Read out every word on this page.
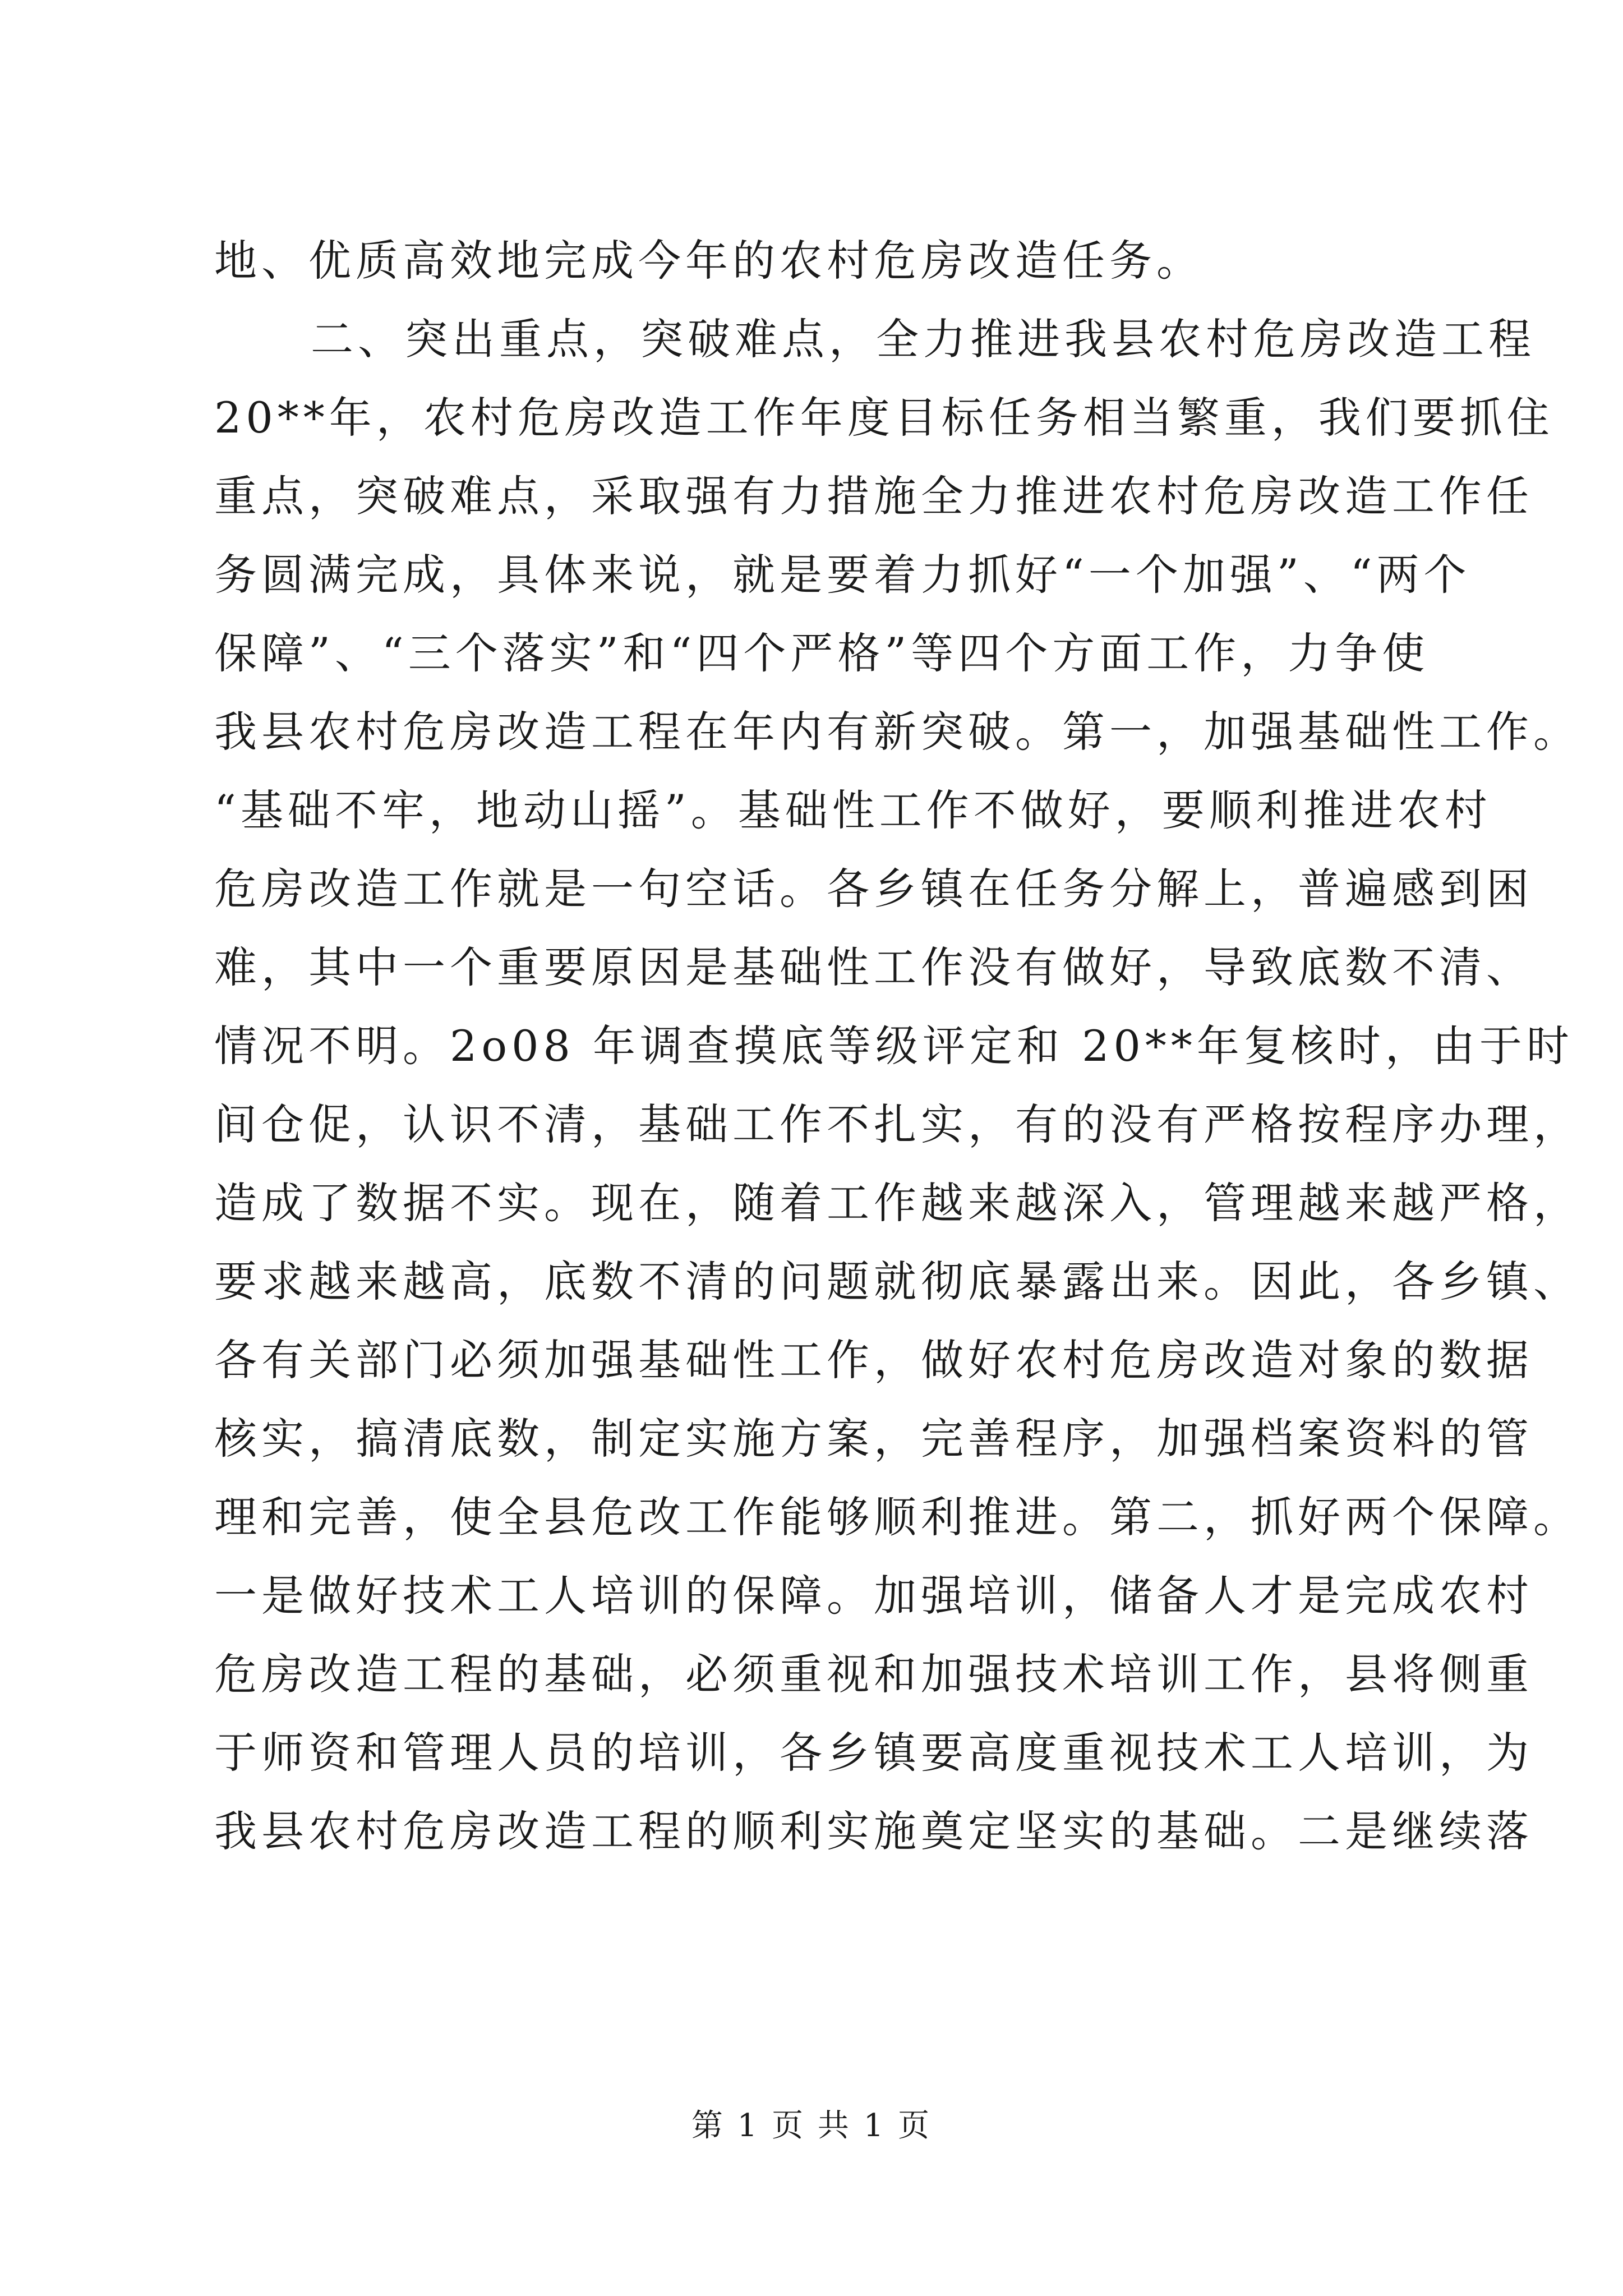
地、优质高效地完成今年的农村危房改造任务。
二、突出重点，突破难点，全力推进我县农村危房改造工程
20**年，农村危房改造工作年度目标任务相当繁重，我们要抓住
重点，突破难点，采取强有力措施全力推进农村危房改造工作任
务圆满完成，具体来说，就是要着力抓好“一个加强”、“两个
保障”、“三个落实”和“四个严格”等四个方面工作，力争使
我县农村危房改造工程在年内有新突破。第一，加强基础性工作。
“基础不牢，地动山摇”。基础性工作不做好，要顺利推进农村
危房改造工作就是一句空话。各乡镇在任务分解上，普遍感到困
难，其中一个重要原因是基础性工作没有做好，导致底数不清、
情况不明。2o08 年调查摸底等级评定和 20**年复核时，由于时
间仓促，认识不清，基础工作不扎实，有的没有严格按程序办理，
造成了数据不实。现在，随着工作越来越深入，管理越来越严格，
要求越来越高，底数不清的问题就彻底暴露出来。因此，各乡镇、
各有关部门必须加强基础性工作，做好农村危房改造对象的数据
核实，搞清底数，制定实施方案，完善程序，加强档案资料的管
理和完善，使全县危改工作能够顺利推进。第二，抓好两个保障。
一是做好技术工人培训的保障。加强培训，储备人才是完成农村
危房改造工程的基础，必须重视和加强技术培训工作，县将侧重
于师资和管理人员的培训，各乡镇要高度重视技术工人培训，为
我县农村危房改造工程的顺利实施奠定坚实的基础。二是继续落
第 1 页 共 1 页
